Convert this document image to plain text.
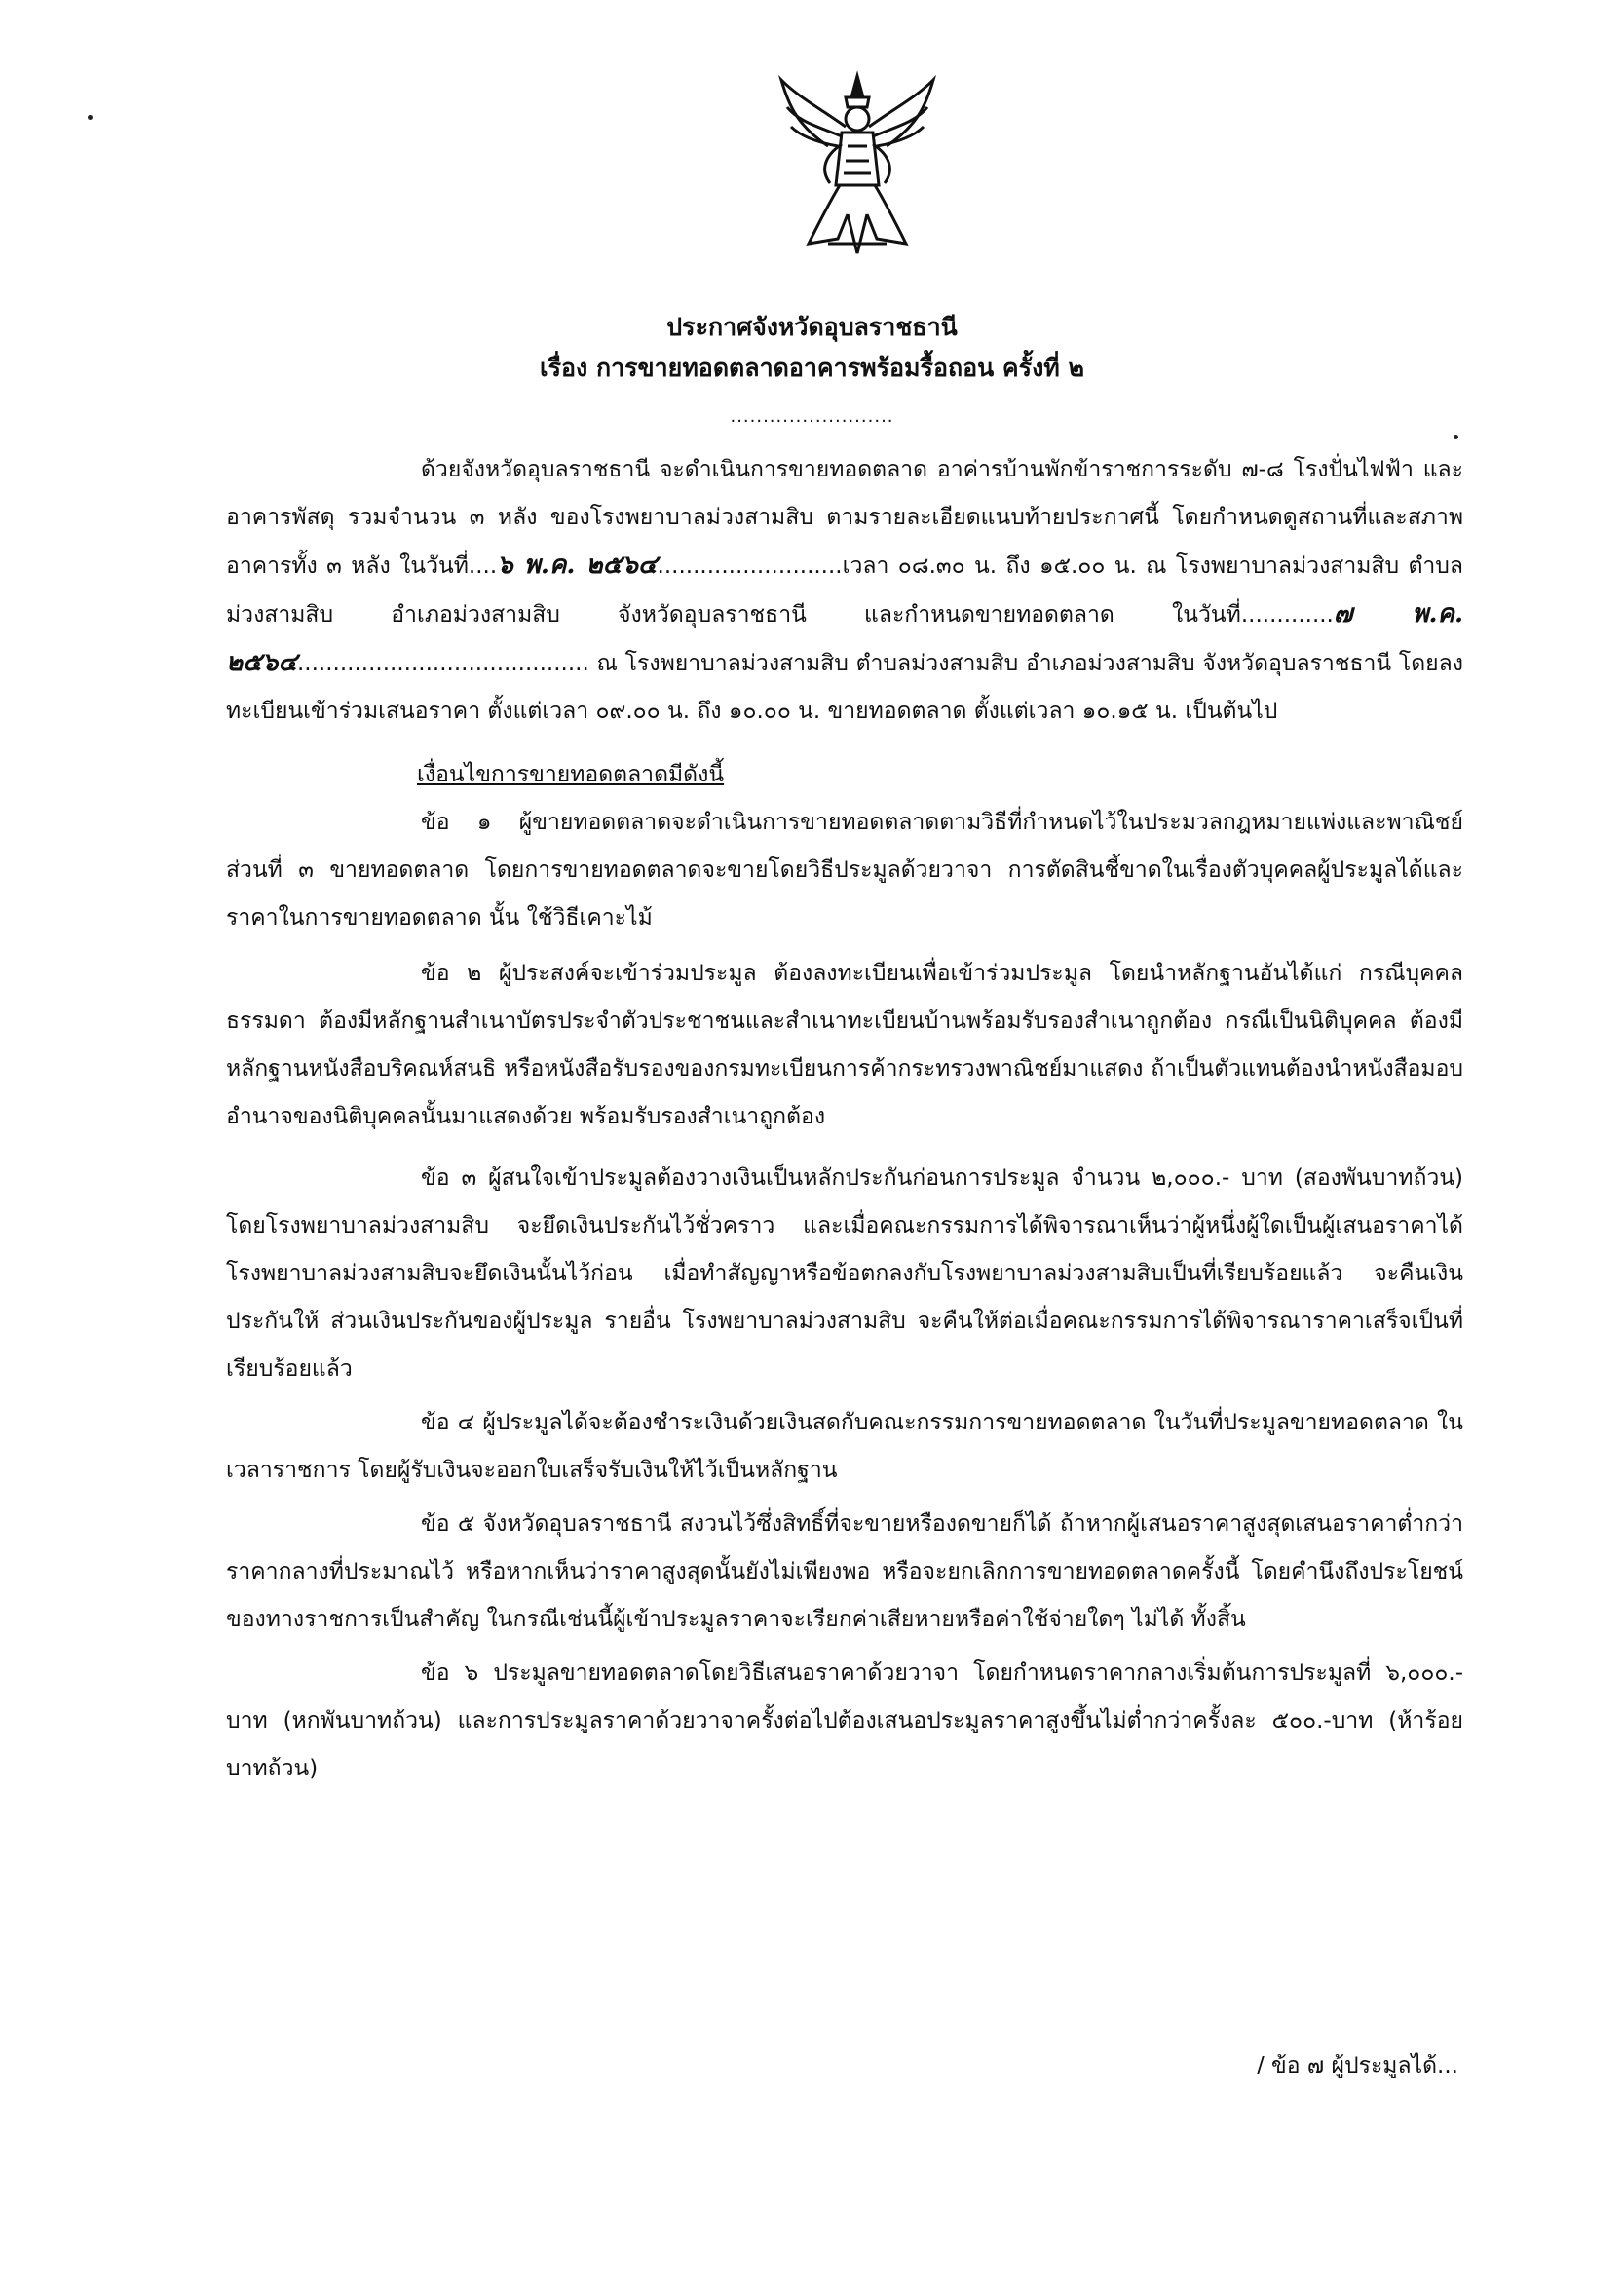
ประกาศจังหวัดอุบลราชธานี
เรื่อง การขายทอดตลาดอาคารพร้อมรื้อถอน ครั้งที่ ๒
.........................

ด้วยจังหวัดอุบลราชธานี จะดำเนินการขายทอดตลาด อาค่ารบ้านพักข้าราชการระดับ ๗-๘ โรงปั่นไฟฟ้า และอาคารพัสดุ รวมจำนวน ๓ หลัง ของโรงพยาบาลม่วงสามสิบ ตามรายละเอียดแนบท้ายประกาศนี้ โดยกำหนดดูสถานที่และสภาพอาคารทั้ง ๓ หลัง ในวันที่....๖ พ.ค. ๒๕๖๔..........................เวลา ๐๘.๓๐ น. ถึง ๑๕.๐๐ น. ณ โรงพยาบาลม่วงสามสิบ ตำบลม่วงสามสิบ อำเภอม่วงสามสิบ จังหวัดอุบลราชธานี และกำหนดขายทอดตลาด ในวันที่.............๗ พ.ค. ๒๕๖๔......................................... ณ โรงพยาบาลม่วงสามสิบ ตำบลม่วงสามสิบ อำเภอม่วงสามสิบ จังหวัดอุบลราชธานี โดยลงทะเบียนเข้าร่วมเสนอราคา ตั้งแต่เวลา ๐๙.๐๐ น. ถึง ๑๐.๐๐ น. ขายทอดตลาด ตั้งแต่เวลา ๑๐.๑๕ น. เป็นต้นไป

เงื่อนไขการขายทอดตลาดมีดังนี้

ข้อ ๑ ผู้ขายทอดตลาดจะดำเนินการขายทอดตลาดตามวิธีที่กำหนดไว้ในประมวลกฎหมายแพ่งและพาณิชย์ ส่วนที่ ๓ ขายทอดตลาด โดยการขายทอดตลาดจะขายโดยวิธีประมูลด้วยวาจา การตัดสินชี้ขาดในเรื่องตัวบุคคลผู้ประมูลได้และราคาในการขายทอดตลาด นั้น ใช้วิธีเคาะไม้

ข้อ ๒ ผู้ประสงค์จะเข้าร่วมประมูล ต้องลงทะเบียนเพื่อเข้าร่วมประมูล โดยนำหลักฐานอันได้แก่ กรณีบุคคลธรรมดา ต้องมีหลักฐานสำเนาบัตรประจำตัวประชาชนและสำเนาทะเบียนบ้านพร้อมรับรองสำเนาถูกต้อง กรณีเป็นนิติบุคคล ต้องมีหลักฐานหนังสือบริคณห์สนธิ หรือหนังสือรับรองของกรมทะเบียนการค้ากระทรวงพาณิชย์มาแสดง ถ้าเป็นตัวแทนต้องนำหนังสือมอบอำนาจของนิติบุคคลนั้นมาแสดงด้วย พร้อมรับรองสำเนาถูกต้อง

ข้อ ๓ ผู้สนใจเข้าประมูลต้องวางเงินเป็นหลักประกันก่อนการประมูล จำนวน ๒,๐๐๐.- บาท (สองพันบาทถ้วน) โดยโรงพยาบาลม่วงสามสิบ จะยึดเงินประกันไว้ชั่วคราว และเมื่อคณะกรรมการได้พิจารณาเห็นว่าผู้หนึ่งผู้ใดเป็นผู้เสนอราคาได้ โรงพยาบาลม่วงสามสิบจะยึดเงินนั้นไว้ก่อน เมื่อทำสัญญาหรือข้อตกลงกับโรงพยาบาลม่วงสามสิบเป็นที่เรียบร้อยแล้ว จะคืนเงินประกันให้ ส่วนเงินประกันของผู้ประมูล รายอื่น โรงพยาบาลม่วงสามสิบ จะคืนให้ต่อเมื่อคณะกรรมการได้พิจารณาราคาเสร็จเป็นที่เรียบร้อยแล้ว

ข้อ ๔ ผู้ประมูลได้จะต้องชำระเงินด้วยเงินสดกับคณะกรรมการขายทอดตลาด ในวันที่ประมูลขายทอดตลาด ในเวลาราชการ โดยผู้รับเงินจะออกใบเสร็จรับเงินให้ไว้เป็นหลักฐาน

ข้อ ๕ จังหวัดอุบลราชธานี สงวนไว้ซึ่งสิทธิ์ที่จะขายหรืองดขายก็ได้ ถ้าหากผู้เสนอราคาสูงสุดเสนอราคาต่ำกว่าราคากลางที่ประมาณไว้ หรือหากเห็นว่าราคาสูงสุดนั้นยังไม่เพียงพอ หรือจะยกเลิกการขายทอดตลาดครั้งนี้ โดยคำนึงถึงประโยชน์ของทางราชการเป็นสำคัญ ในกรณีเช่นนี้ผู้เข้าประมูลราคาจะเรียกค่าเสียหายหรือค่าใช้จ่ายใดๆ ไม่ได้ ทั้งสิ้น

ข้อ ๖ ประมูลขายทอดตลาดโดยวิธีเสนอราคาด้วยวาจา โดยกำหนดราคากลางเริ่มต้นการประมูลที่ ๖,๐๐๐.-บาท (หกพันบาทถ้วน) และการประมูลราคาด้วยวาจาครั้งต่อไปต้องเสนอประมูลราคาสูงขึ้นไม่ต่ำกว่าครั้งละ ๕๐๐.-บาท (ห้าร้อยบาทถ้วน)

/ ข้อ ๗ ผู้ประมูลได้...
